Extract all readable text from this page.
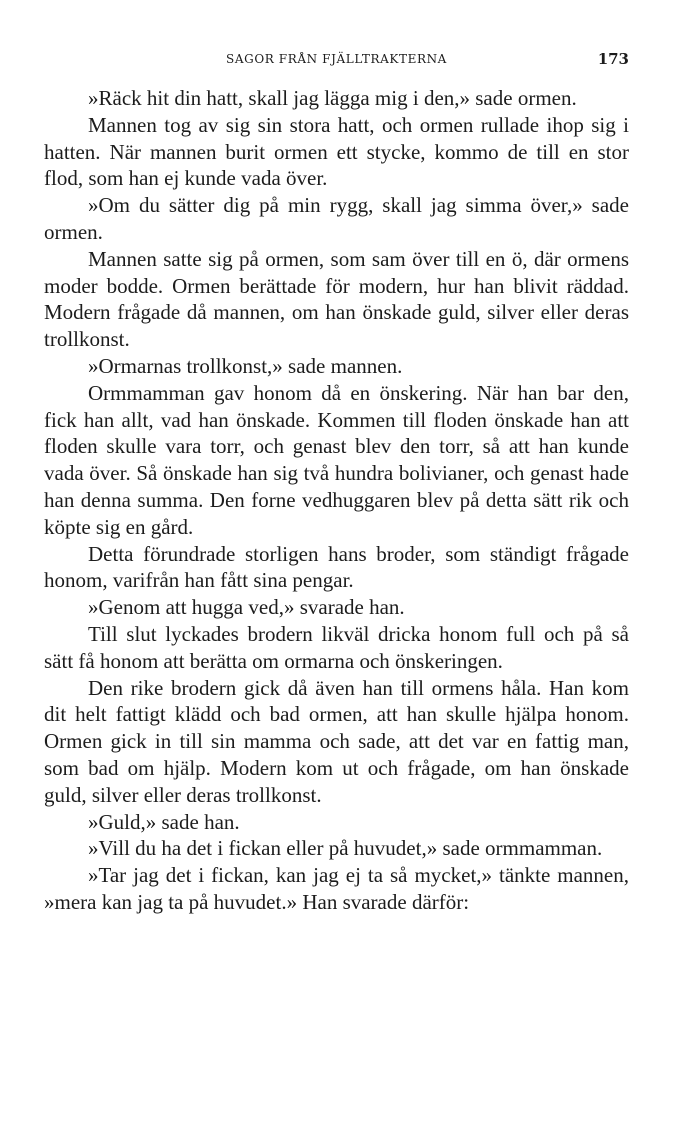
SAGOR FRÅN FJÄLLTRAKTERNA	173

»Räck hit din hatt, skall jag lägga mig i den,» sade ormen.

Mannen tog av sig sin stora hatt, och ormen rullade ihop sig i hatten. När mannen burit ormen ett stycke, kommo de till en stor flod, som han ej kunde vada över.

»Om du sätter dig på min rygg, skall jag simma över,» sade ormen.

Mannen satte sig på ormen, som sam över till en ö, där ormens moder bodde. Ormen berättade för modern, hur han blivit räddad. Modern frågade då mannen, om han önskade guld, silver eller deras trollkonst.

»Ormarnas trollkonst,» sade mannen.

Ormmamman gav honom då en önskering. När han bar den, fick han allt, vad han önskade. Kommen till floden önskade han att floden skulle vara torr, och genast blev den torr, så att han kunde vada över. Så önskade han sig två hundra bolivianer, och genast hade han denna summa. Den forne vedhuggaren blev på detta sätt rik och köpte sig en gård.

Detta förundrade storligen hans broder, som ständigt frågade honom, varifrån han fått sina pengar.

»Genom att hugga ved,» svarade han.

Till slut lyckades brodern likväl dricka honom full och på så sätt få honom att berätta om ormarna och önskeringen.

Den rike brodern gick då även han till ormens håla. Han kom dit helt fattigt klädd och bad ormen, att han skulle hjälpa honom. Ormen gick in till sin mamma och sade, att det var en fattig man, som bad om hjälp. Modern kom ut och frågade, om han önskade guld, silver eller deras trollkonst.

»Guld,» sade han.

»Vill du ha det i fickan eller på huvudet,» sade ormmamman.

»Tar jag det i fickan, kan jag ej ta så mycket,» tänkte mannen, »mera kan jag ta på huvudet.» Han svarade därför:
